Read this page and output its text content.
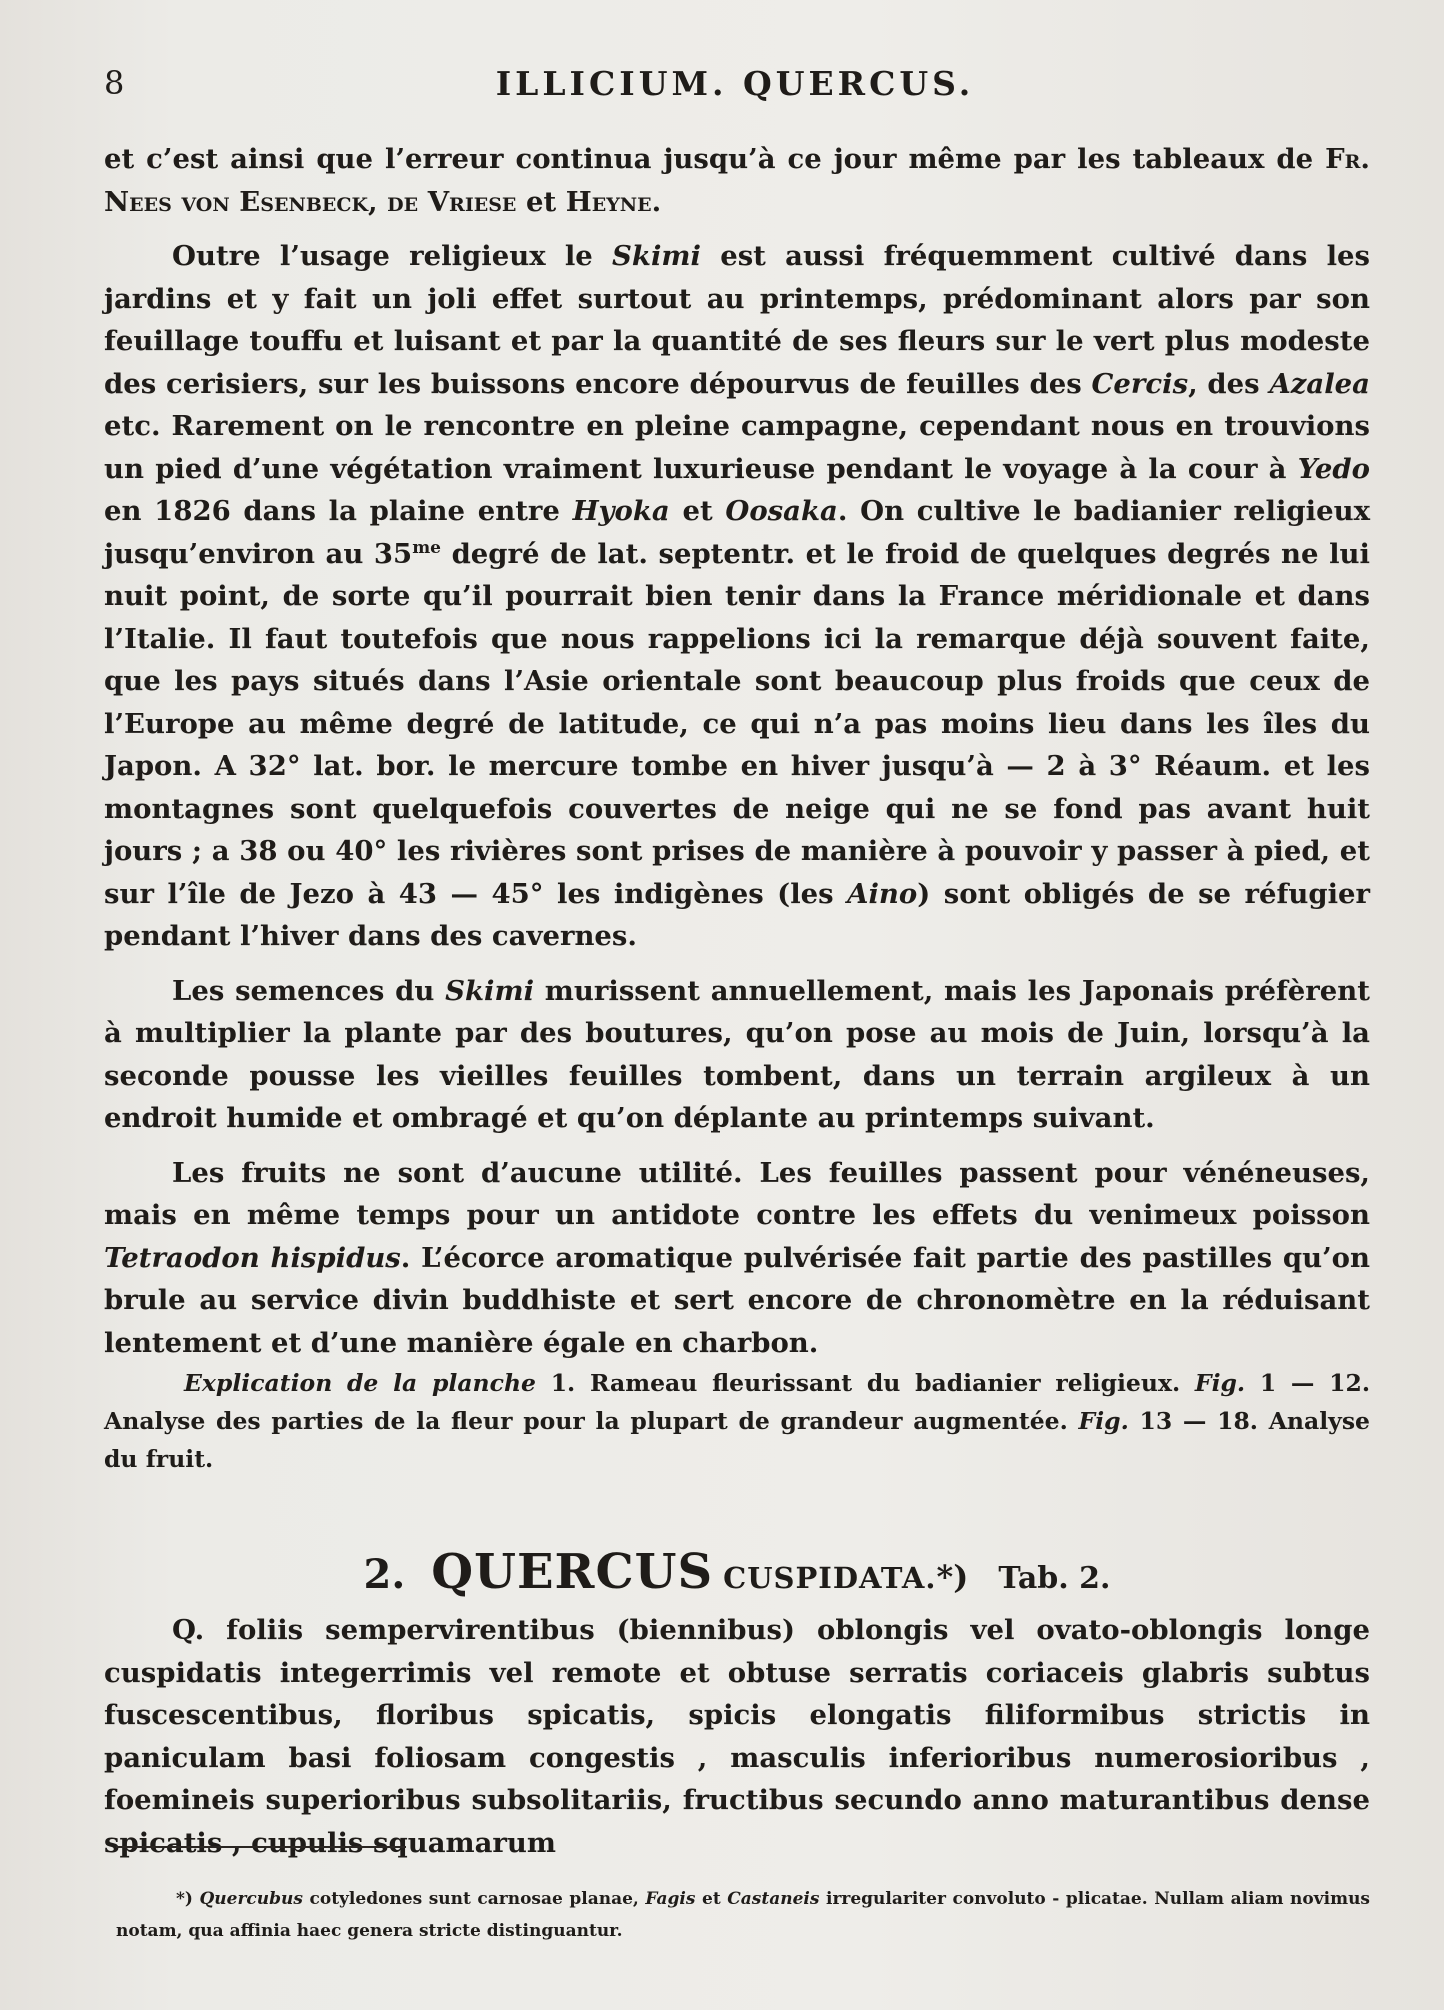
8	ILLICIUM. QUERCUS.

et c’est ainsi que l’erreur continua jusqu’à ce jour même par les tableaux de Fr. Nees von Esenbeck, de Vriese et Heyne.

Outre l’usage religieux le Skimi est aussi fréquemment cultivé dans les jardins et y fait un joli effet surtout au printemps, prédominant alors par son feuillage touffu et luisant et par la quantité de ses fleurs sur le vert plus modeste des cerisiers, sur les buissons encore dépourvus de feuilles des Cercis, des Azalea etc. Rarement on le rencontre en pleine campagne, cependant nous en trouvions un pied d’une végétation vraiment luxurieuse pendant le voyage à la cour à Yedo en 1826 dans la plaine entre Hyoka et Oosaka. On cultive le badianier religieux jusqu’environ au $35^{me}$ degré de lat. septentr. et le froid de quelques degrés ne lui nuit point, de sorte qu’il pourrait bien tenir dans la France méridionale et dans l’Italie. Il faut toutefois que nous rappelions ici la remarque déjà souvent faite, que les pays situés dans l’Asie orientale sont beaucoup plus froids que ceux de l’Europe au même degré de latitude, ce qui n’a pas moins lieu dans les îles du Japon. A 32° lat. bor. le mercure tombe en hiver jusqu’à — 2 à 3° Réaum. et les montagnes sont quelquefois couvertes de neige qui ne se fond pas avant huit jours ; a 38 ou 40° les rivières sont prises de manière à pouvoir y passer à pied, et sur l’île de Jezo à 43 — 45° les indigènes (les Aino) sont obligés de se réfugier pendant l’hiver dans des cavernes.

Les semences du Skimi murissent annuellement, mais les Japonais préfèrent à multiplier la plante par des boutures, qu’on pose au mois de Juin, lorsqu’à la seconde pousse les vieilles feuilles tombent, dans un terrain argileux à un endroit humide et ombragé et qu’on déplante au printemps suivant.

Les fruits ne sont d’aucune utilité. Les feuilles passent pour vénéneuses, mais en même temps pour un antidote contre les effets du venimeux poisson Tetraodon hispidus. L’écorce aromatique pulvérisée fait partie des pastilles qu’on brule au service divin buddhiste et sert encore de chronomètre en la réduisant lentement et d’une manière égale en charbon.

Explication de la planche 1. Rameau fleurissant du badianier religieux. Fig. 1 — 12. Analyse des parties de la fleur pour la plupart de grandeur augmentée. Fig. 13 — 18. Analyse du fruit.

2. QUERCUS CUSPIDATA.*) Tab. 2.

Q. foliis sempervirentibus (biennibus) oblongis vel ovato-oblongis longe cuspidatis integerrimis vel remote et obtuse serratis coriaceis glabris subtus fuscescentibus, floribus spicatis, spicis elongatis filiformibus strictis in paniculam basi foliosam congestis , masculis inferioribus numerosioribus , foemineis superioribus subsolitariis, fructibus secundo anno maturantibus dense spicatis , cupulis squamarum

*) Quercubus cotyledones sunt carnosae planae, Fagis et Castaneis irregulariter convoluto - plicatae. Nullam aliam novimus notam, qua affinia haec genera stricte distinguantur.
